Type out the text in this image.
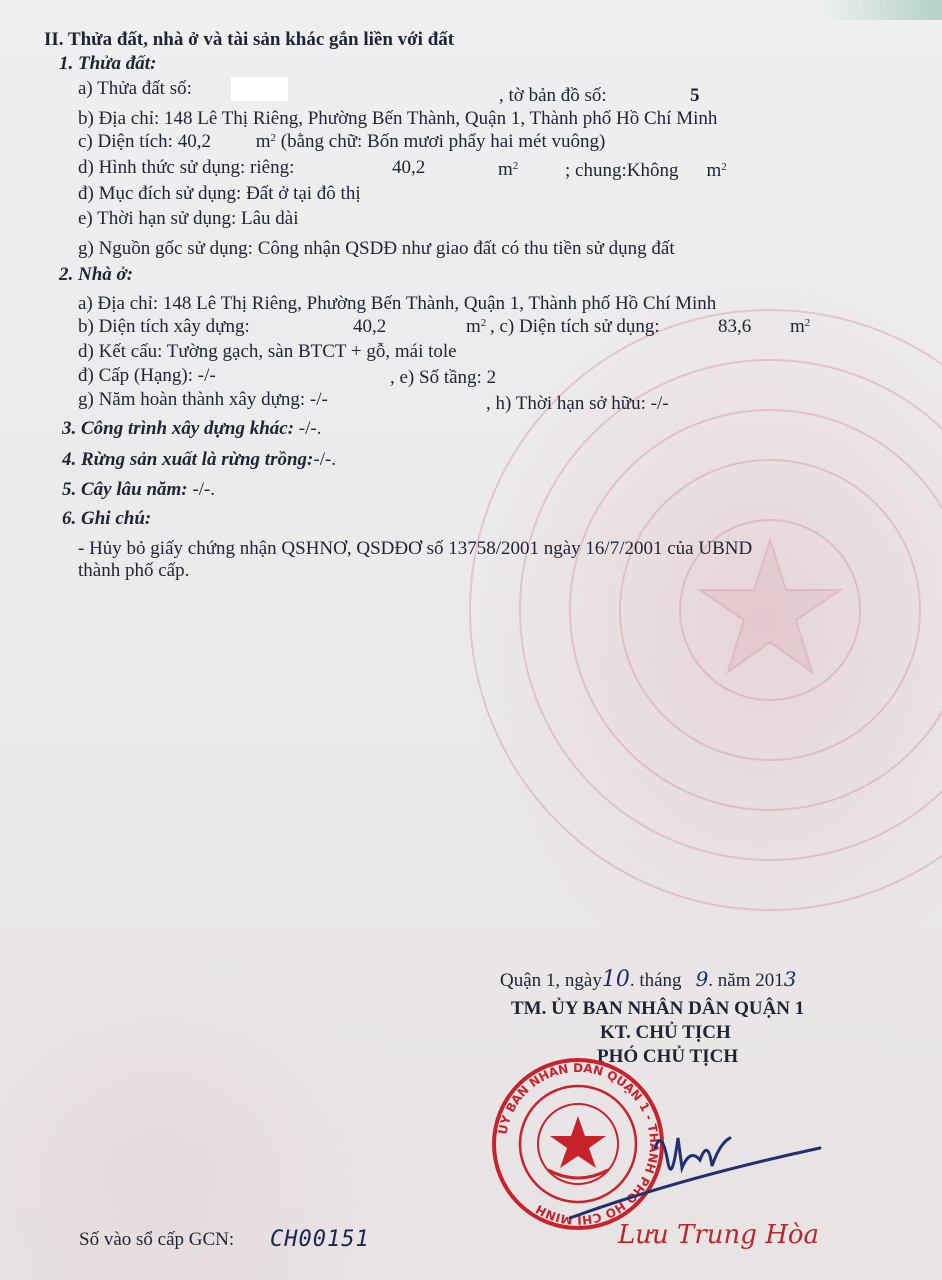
II. Thửa đất, nhà ở và tài sản khác gắn liền với đất
1. Thửa đất:
a) Thửa đất số:	, tờ bản đồ số:	5
b) Địa chỉ: 148 Lê Thị Riêng, Phường Bến Thành, Quận 1, Thành phố Hồ Chí Minh
c) Diện tích: 40,2 $m^2$ (bằng chữ: Bốn mươi phẩy hai mét vuông)
d) Hình thức sử dụng: riêng:	40,2	$m^2$ ; chung:Không $m^2$
đ) Mục đích sử dụng: Đất ở tại đô thị
e) Thời hạn sử dụng: Lâu dài
g) Nguồn gốc sử dụng: Công nhận QSDĐ như giao đất có thu tiền sử dụng đất
2. Nhà ở:
a) Địa chỉ: 148 Lê Thị Riêng, Phường Bến Thành, Quận 1, Thành phố Hồ Chí Minh
b) Diện tích xây dựng:	40,2	$m^2$ , c) Diện tích sử dụng:	83,6 $m^2$
d) Kết cấu: Tường gạch, sàn BTCT + gỗ, mái tole
đ) Cấp (Hạng): -/-	, e) Số tầng: 2
g) Năm hoàn thành xây dựng: -/-	, h) Thời hạn sở hữu: -/-
3. Công trình xây dựng khác: -/-.
4. Rừng sản xuất là rừng trồng:-/-.
5. Cây lâu năm: -/-.
6. Ghi chú:
- Hủy bỏ giấy chứng nhận QSHNƠ, QSDĐƠ số 13758/2001 ngày 16/7/2001 của UBND
thành phố cấp.
Quận 1, ngày10. tháng 9. năm 2013
TM. ỦY BAN NHÂN DÂN QUẬN 1
KT. CHỦ TỊCH
PHÓ CHỦ TỊCH
UỶ BAN NHÂN DÂN QUẬN 1 - THÀNH PHỐ HỒ CHÍ MINH
Lưu Trung Hòa
Số vào sổ cấp GCN: CH00151
